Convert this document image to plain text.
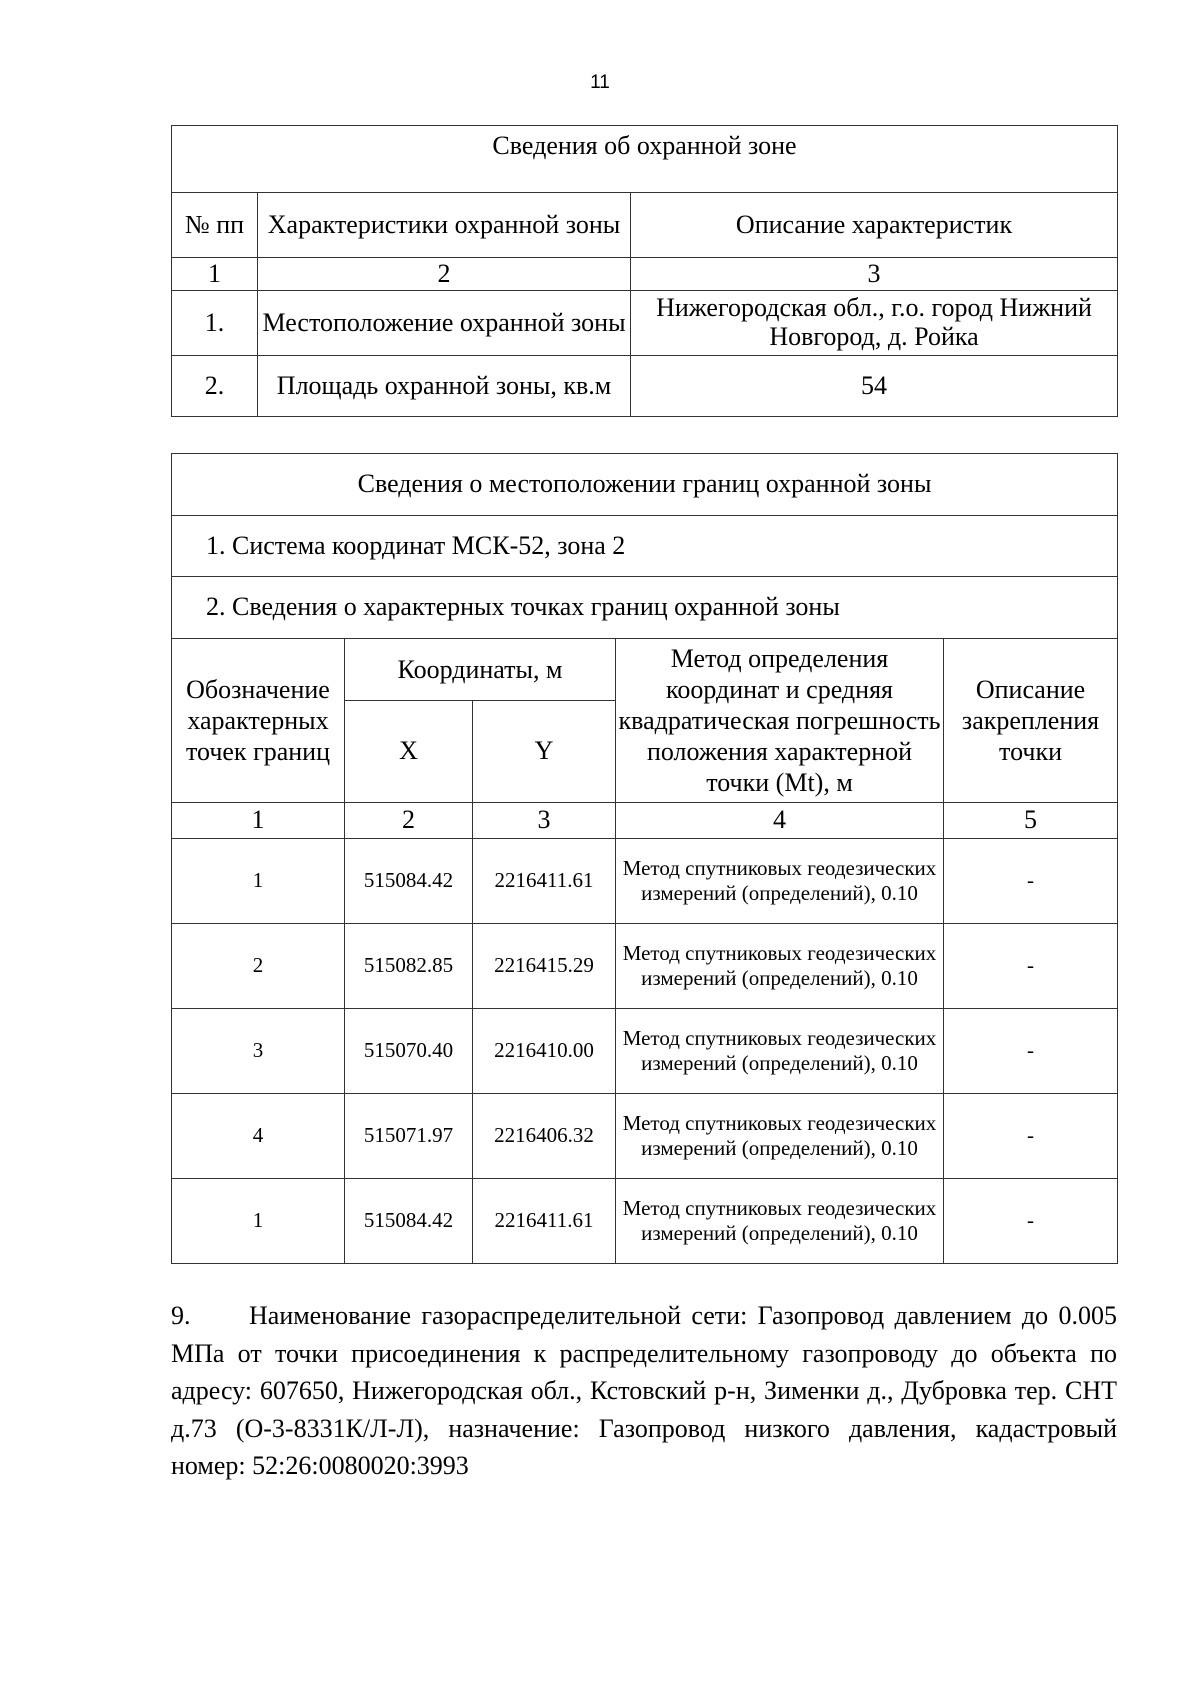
11
Сведения об охранной зоне		
№ пп	Характеристики охранной зоны	Описание характеристик
1	2	3
1.	Местоположение охранной зоны	Нижегородская обл., г.о. город Нижний Новгород, д. Ройка
2.	Площадь охранной зоны, кв.м	54
Сведения о местоположении границ охранной зоны				
1. Система координат МСК-52, зона 2				
2. Сведения о характерных точках границ охранной зоны				
Обозначение характерных точек границ	Координаты, м		Метод определения координат и средняя квадратическая погрешность положения характерной точки (Mt), м	Описание закрепления точки
	X	Y		
1	2	3	4	5
1	515084.42	2216411.61	Метод спутниковых геодезических измерений (определений), 0.10	-
2	515082.85	2216415.29	Метод спутниковых геодезических измерений (определений), 0.10	-
3	515070.40	2216410.00	Метод спутниковых геодезических измерений (определений), 0.10	-
4	515071.97	2216406.32	Метод спутниковых геодезических измерений (определений), 0.10	-
1	515084.42	2216411.61	Метод спутниковых геодезических измерений (определений), 0.10	-

9. Наименование газораспределительной сети: Газопровод давлением до 0.005 МПа от точки присоединения к распределительному газопроводу до объекта по адресу: 607650, Нижегородская обл., Кстовский р-н, Зименки д., Дубровка тер. СНТ д.73 (О-3-8331К/Л-Л), назначение: Газопровод низкого давления, кадастровый номер: 52:26:0080020:3993
